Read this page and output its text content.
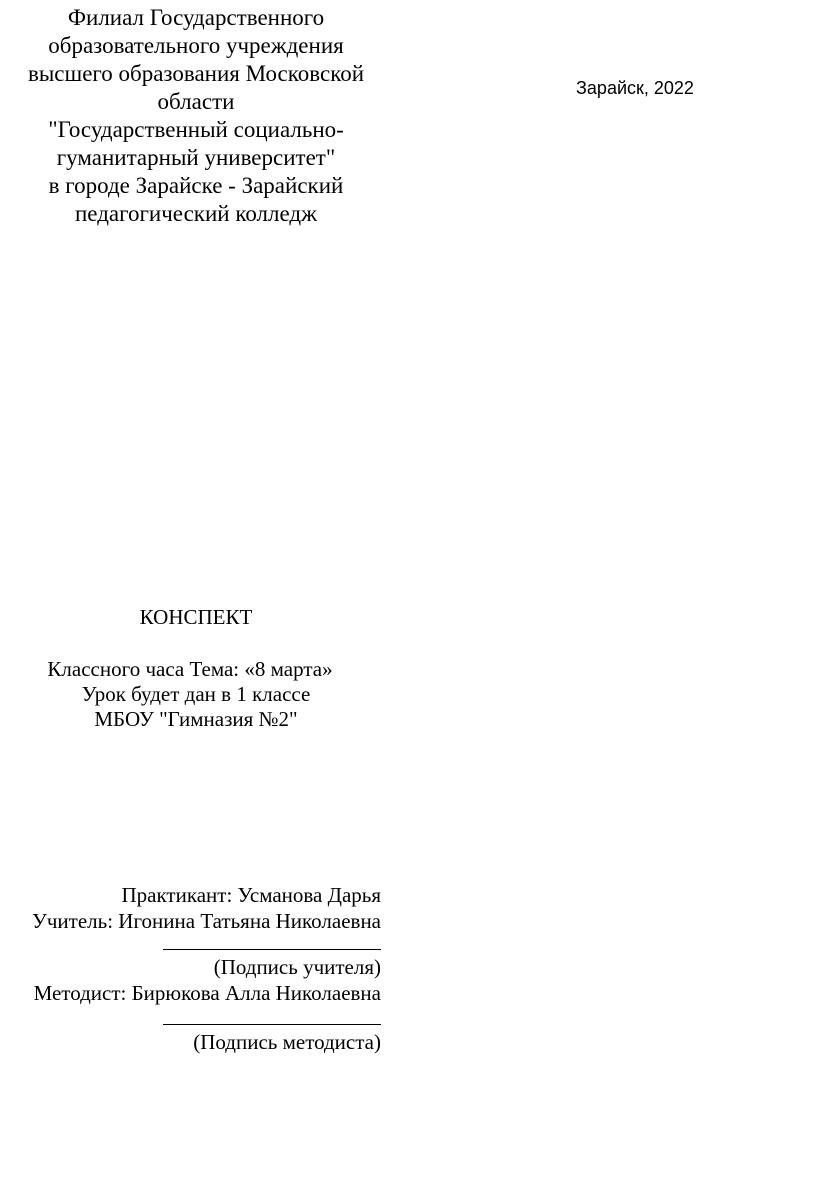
Филиал Государственного
образовательного учреждения
высшего образования Московской
области
"Государственный социально-
гуманитарный университет"
в городе Зарайске - Зарайский
педагогический колледж
Зарайск, 2022
КОНСПЕКТ
Классного часа Тема: «8 марта»
Урок будет дан в 1 классе
МБОУ "Гимназия №2"
Практикант: Усманова Дарья
Учитель: Игонина Татьяна Николаевна
(Подпись учителя)
Методист: Бирюкова Алла Николаевна
(Подпись методиста)
